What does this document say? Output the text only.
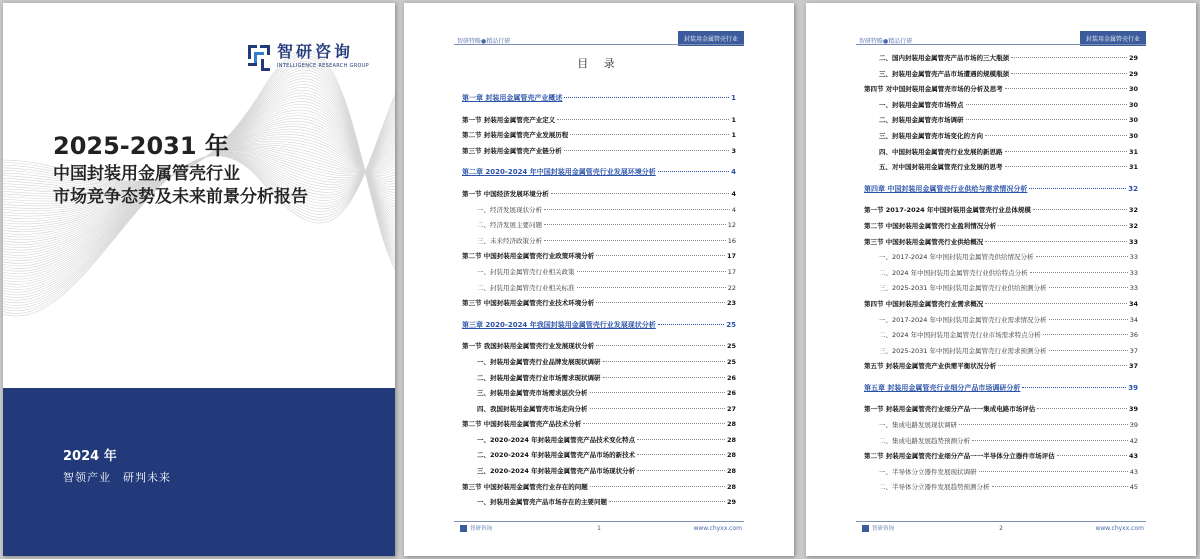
智研咨询
INTELLIGENCE RESEARCH GROUP
2025-2031 年
中国封装用金属管壳行业
市场竞争态势及未来前景分析报告
2024 年
智领产业　研判未来
智研特略●精品行研	封装用金属管壳行业
目 录
第一章 封装用金属管壳产业概述	1
第一节 封装用金属管壳产业定义	1
第二节 封装用金属管壳产业发展历程	1
第三节 封装用金属管壳产业链分析	3
第二章 2020-2024 年中国封装用金属管壳行业发展环境分析	4
第一节 中国经济发展环境分析	4
一、经济发展现状分析	4
二、经济发展主要问题	12
三、未来经济政策分析	16
第二节 中国封装用金属管壳行业政策环境分析	17
一、封装用金属管壳行业相关政策	17
二、封装用金属管壳行业相关标准	22
第三节 中国封装用金属管壳行业技术环境分析	23
第三章 2020-2024 年我国封装用金属管壳行业发展现状分析	25
第一节 我国封装用金属管壳行业发展现状分析	25
一、封装用金属管壳行业品牌发展现状调研	25
二、封装用金属管壳行业市场需求现状调研	26
三、封装用金属管壳市场需求层次分析	26
四、我国封装用金属管壳市场走向分析	27
第二节 中国封装用金属管壳产品技术分析	28
一、2020-2024 年封装用金属管壳产品技术变化特点	28
二、2020-2024 年封装用金属管壳产品市场的新技术	28
三、2020-2024 年封装用金属管壳产品市场现状分析	28
第三节 中国封装用金属管壳行业存在的问题	28
一、封装用金属管壳产品市场存在的主要问题	29
智研咨询	1	www.chyxx.com
智研特略●精品行研	封装用金属管壳行业
二、国内封装用金属管壳产品市场的三大瓶颈	29
三、封装用金属管壳产品市场遭遇的规模瓶颈	29
第四节 对中国封装用金属管壳市场的分析及思考	30
一、封装用金属管壳市场特点	30
二、封装用金属管壳市场调研	30
三、封装用金属管壳市场变化的方向	30
四、中国封装用金属管壳行业发展的新思路	31
五、对中国封装用金属管壳行业发展的思考	31
第四章 中国封装用金属管壳行业供给与需求情况分析	32
第一节 2017-2024 年中国封装用金属管壳行业总体规模	32
第二节 中国封装用金属管壳行业盈利情况分析	32
第三节 中国封装用金属管壳行业供给概况	33
一、2017-2024 年中国封装用金属管壳供给情况分析	33
二、2024 年中国封装用金属管壳行业供给特点分析	33
三、2025-2031 年中国封装用金属管壳行业供给预测分析	33
第四节 中国封装用金属管壳行业需求概况	34
一、2017-2024 年中国封装用金属管壳行业需求情况分析	34
二、2024 年中国封装用金属管壳行业市场需求特点分析	36
三、2025-2031 年中国封装用金属管壳行业需求预测分析	37
第五节 封装用金属管壳产业供需平衡状况分析	37
第五章 封装用金属管壳行业细分产品市场调研分析	39
第一节 封装用金属管壳行业细分产品一一集成电路市场评估	39
一、集成电路发展现状调研	39
二、集成电路发展趋势预测分析	42
第二节 封装用金属管壳行业细分产品一一半导体分立器件市场评估	43
一、半导体分立器件发展现状调研	43
二、半导体分立器件发展趋势预测分析	45
智研咨询	2	www.chyxx.com
